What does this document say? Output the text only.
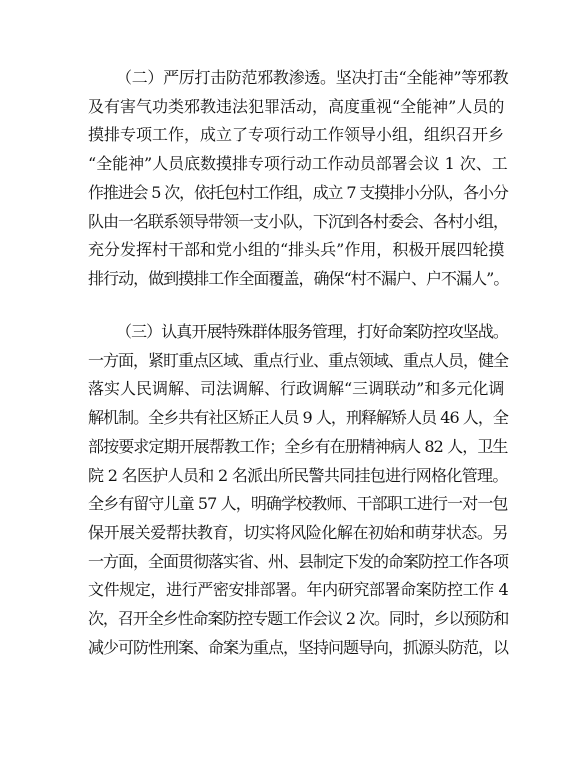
（二）严厉打击防范邪教渗透。坚决打击“全能神”等邪教
及有害气功类邪教违法犯罪活动，高度重视“全能神”人员的
摸排专项工作，成立了专项行动工作领导小组，组织召开乡
“全能神”人员底数摸排专项行动工作动员部署会议 1 次、工
作推进会 5 次，依托包村工作组，成立 7 支摸排小分队，各小分
队由一名联系领导带领一支小队，下沉到各村委会、各村小组，
充分发挥村干部和党小组的“排头兵”作用，积极开展四轮摸
排行动，做到摸排工作全面覆盖，确保“村不漏户、户不漏人”。
（三）认真开展特殊群体服务管理，打好命案防控攻坚战。
一方面，紧盯重点区域、重点行业、重点领域、重点人员，健全
落实人民调解、司法调解、行政调解“三调联动”和多元化调
解机制。全乡共有社区矫正人员 9 人，刑释解矫人员 46 人，全
部按要求定期开展帮教工作；全乡有在册精神病人 82 人，卫生
院 2 名医护人员和 2 名派出所民警共同挂包进行网格化管理。
全乡有留守儿童 57 人，明确学校教师、干部职工进行一对一包
保开展关爱帮扶教育，切实将风险化解在初始和萌芽状态。另
一方面，全面贯彻落实省、州、县制定下发的命案防控工作各项
文件规定，进行严密安排部署。年内研究部署命案防控工作 4
次，召开全乡性命案防控专题工作会议 2 次。同时，乡以预防和
减少可防性刑案、命案为重点，坚持问题导向，抓源头防范，以
